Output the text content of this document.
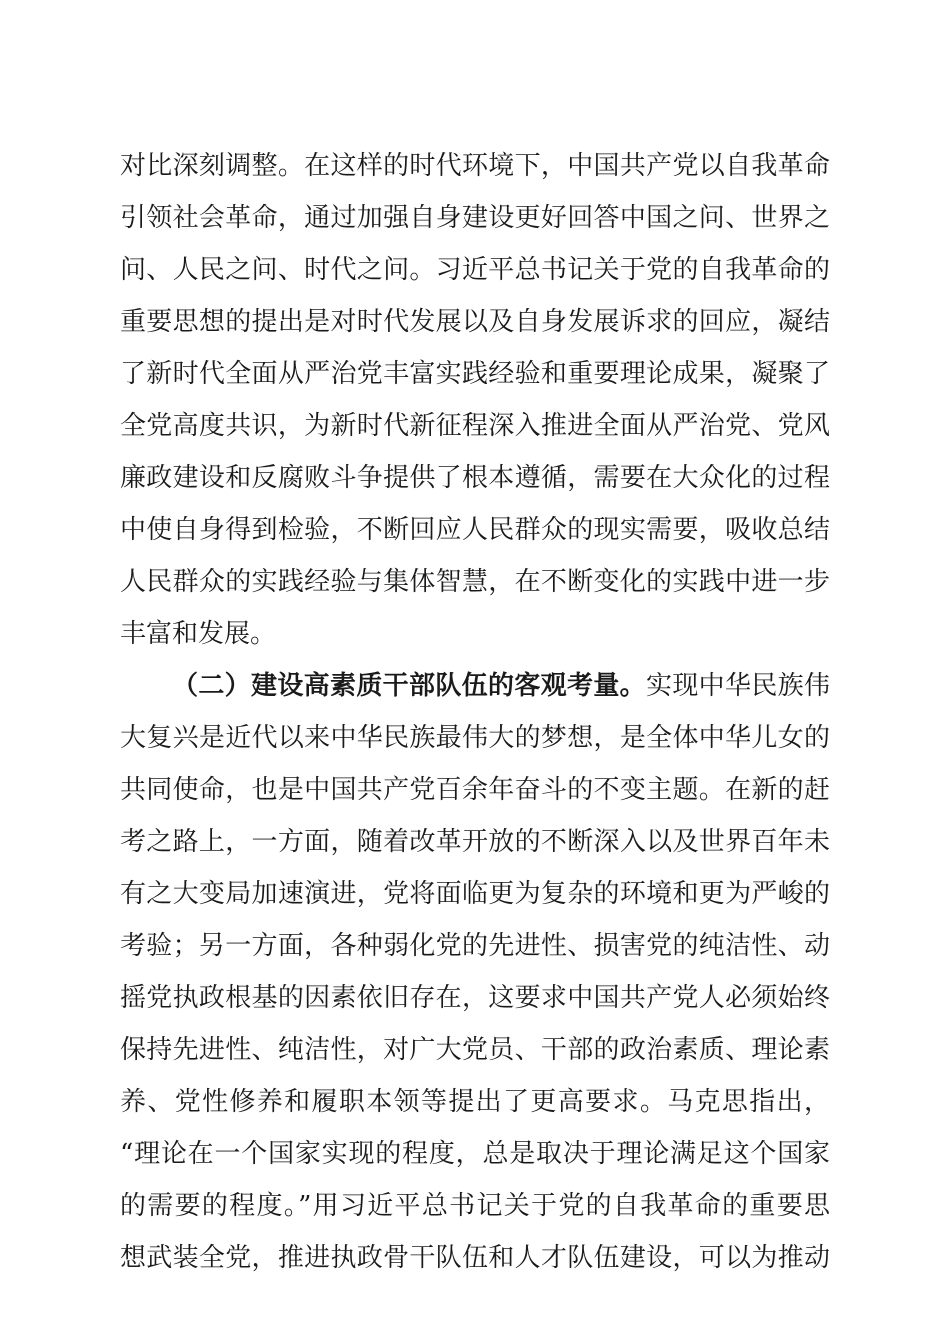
对比深刻调整。在这样的时代环境下，中国共产党以自我革命
引领社会革命，通过加强自身建设更好回答中国之问、世界之
问、人民之问、时代之问。习近平总书记关于党的自我革命的
重要思想的提出是对时代发展以及自身发展诉求的回应，凝结
了新时代全面从严治党丰富实践经验和重要理论成果，凝聚了
全党高度共识，为新时代新征程深入推进全面从严治党、党风
廉政建设和反腐败斗争提供了根本遵循，需要在大众化的过程
中使自身得到检验，不断回应人民群众的现实需要，吸收总结
人民群众的实践经验与集体智慧，在不断变化的实践中进一步
丰富和发展。
（二）建设高素质干部队伍的客观考量。实现中华民族伟
大复兴是近代以来中华民族最伟大的梦想，是全体中华儿女的
共同使命，也是中国共产党百余年奋斗的不变主题。在新的赶
考之路上，一方面，随着改革开放的不断深入以及世界百年未
有之大变局加速演进，党将面临更为复杂的环境和更为严峻的
考验；另一方面，各种弱化党的先进性、损害党的纯洁性、动
摇党执政根基的因素依旧存在，这要求中国共产党人必须始终
保持先进性、纯洁性，对广大党员、干部的政治素质、理论素
养、党性修养和履职本领等提出了更高要求。马克思指出，
“理论在一个国家实现的程度，总是取决于理论满足这个国家
的需要的程度。”用习近平总书记关于党的自我革命的重要思
想武装全党，推进执政骨干队伍和人才队伍建设，可以为推动
